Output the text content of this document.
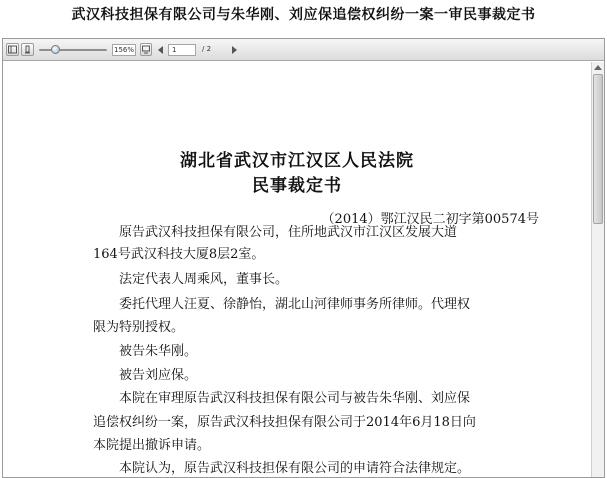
武汉科技担保有限公司与朱华刚、刘应保追偿权纠纷一案一审民事裁定书
156%	1	/ 2
湖北省武汉市江汉区人民法院
民事裁定书
（2014）鄂江汉民二初字第00574号
原告武汉科技担保有限公司，住所地武汉市江汉区发展大道
164号武汉科技大厦8层2室。
法定代表人周乘风，董事长。
委托代理人汪夏、徐静怡，湖北山河律师事务所律师。代理权
限为特别授权。
被告朱华刚。
被告刘应保。
本院在审理原告武汉科技担保有限公司与被告朱华刚、刘应保
追偿权纠纷一案，原告武汉科技担保有限公司于2014年6月18日向
本院提出撤诉申请。
本院认为，原告武汉科技担保有限公司的申请符合法律规定。
